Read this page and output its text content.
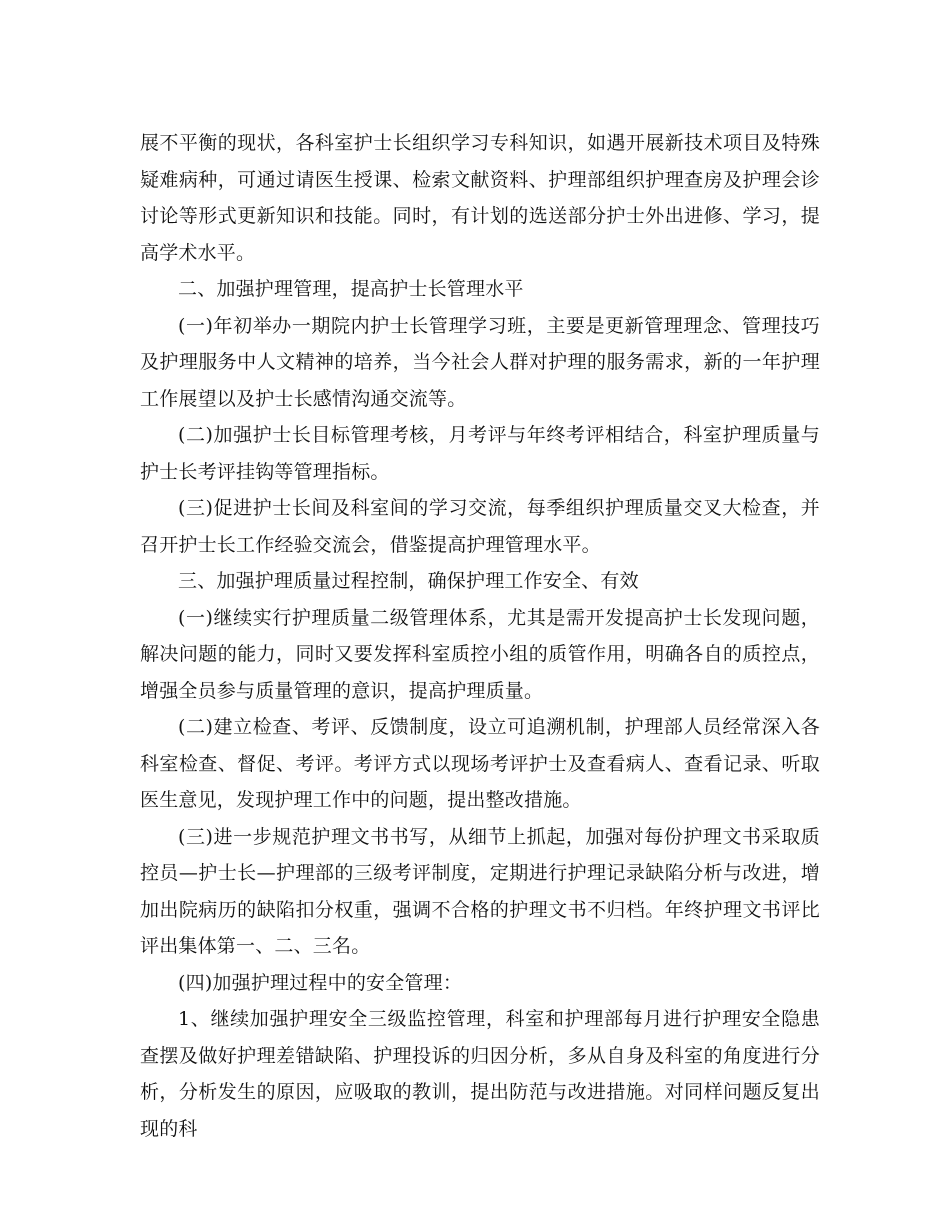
展不平衡的现状，各科室护士长组织学习专科知识，如遇开展新技术项目及特殊疑难病种，可通过请医生授课、检索文献资料、护理部组织护理查房及护理会诊讨论等形式更新知识和技能。同时，有计划的选送部分护士外出进修、学习，提高学术水平。

二、加强护理管理，提高护士长管理水平

(一)年初举办一期院内护士长管理学习班，主要是更新管理理念、管理技巧及护理服务中人文精神的培养，当今社会人群对护理的服务需求，新的一年护理工作展望以及护士长感情沟通交流等。

(二)加强护士长目标管理考核，月考评与年终考评相结合，科室护理质量与护士长考评挂钩等管理指标。

(三)促进护士长间及科室间的学习交流，每季组织护理质量交叉大检查，并召开护士长工作经验交流会，借鉴提高护理管理水平。

三、加强护理质量过程控制，确保护理工作安全、有效

(一)继续实行护理质量二级管理体系，尤其是需开发提高护士长发现问题，解决问题的能力，同时又要发挥科室质控小组的质管作用，明确各自的质控点，增强全员参与质量管理的意识，提高护理质量。

(二)建立检查、考评、反馈制度，设立可追溯机制，护理部人员经常深入各科室检查、督促、考评。考评方式以现场考评护士及查看病人、查看记录、听取医生意见，发现护理工作中的问题，提出整改措施。

(三)进一步规范护理文书书写，从细节上抓起，加强对每份护理文书采取质控员—护士长—护理部的三级考评制度，定期进行护理记录缺陷分析与改进，增加出院病历的缺陷扣分权重，强调不合格的护理文书不归档。年终护理文书评比评出集体第一、二、三名。

(四)加强护理过程中的安全管理：

1、继续加强护理安全三级监控管理，科室和护理部每月进行护理安全隐患查摆及做好护理差错缺陷、护理投诉的归因分析，多从自身及科室的角度进行分析，分析发生的原因，应吸取的教训，提出防范与改进措施。对同样问题反复出现的科
